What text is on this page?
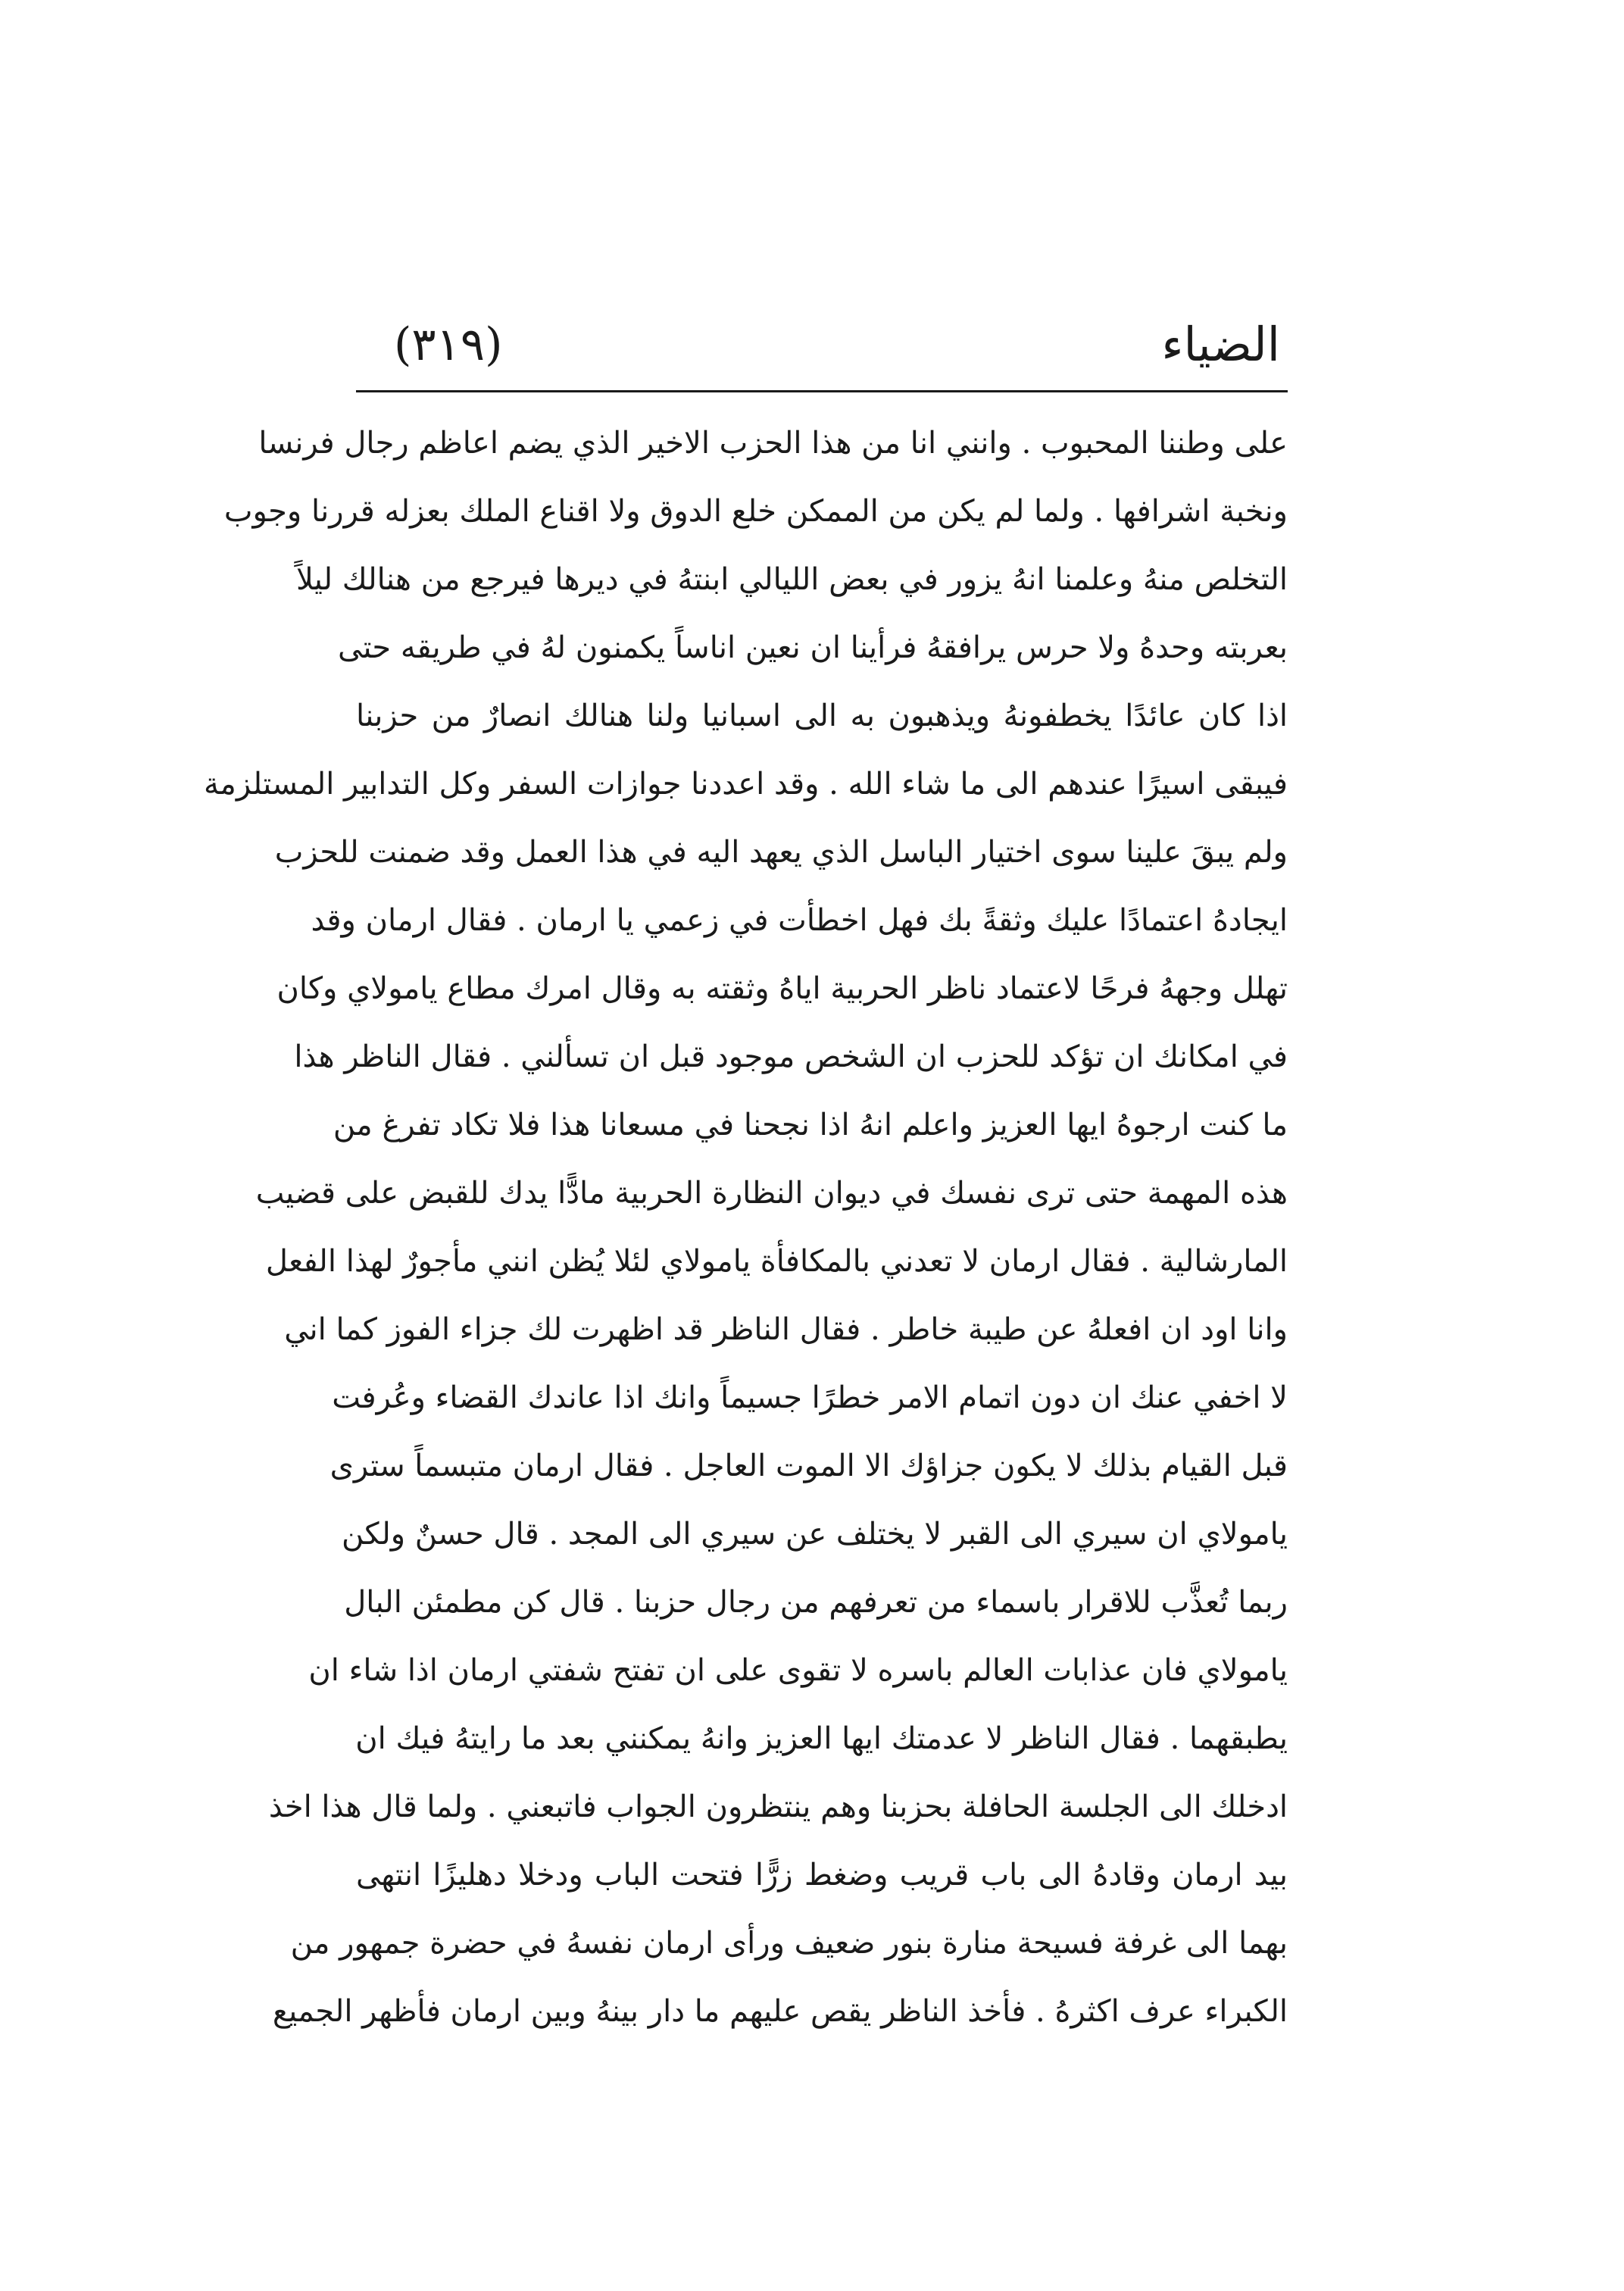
الضياء
(٣١٩)
على وطننا المحبوب . وانني انا من هذا الحزب الاخير الذي يضم اعاظم رجال فرنسا
ونخبة اشرافها . ولما لم يكن من الممكن خلع الدوق ولا اقناع الملك بعزله قررنا وجوب
التخلص منهُ وعلمنا انهُ يزور في بعض الليالي ابنتهُ في ديرها فيرجع من هنالك ليلاً
بعربته وحدهُ ولا حرس يرافقهُ فرأينا ان نعين اناساً يكمنون لهُ في طريقه حتى
اذا كان عائدًا يخطفونهُ ويذهبون به الى اسبانيا ولنا هنالك انصارٌ من حزبنا
فيبقى اسيرًا عندهم الى ما شاء الله . وقد اعددنا جوازات السفر وكل التدابير المستلزمة
ولم يبقَ علينا سوى اختيار الباسل الذي يعهد اليه في هذا العمل وقد ضمنت للحزب
ايجادهُ اعتمادًا عليك وثقةً بك فهل اخطأت في زعمي يا ارمان . فقال ارمان وقد
تهلل وجههُ فرحًا لاعتماد ناظر الحربية اياهُ وثقته به وقال امرك مطاع يامولاي وكان
في امكانك ان تؤكد للحزب ان الشخص موجود قبل ان تسألني . فقال الناظر هذا
ما كنت ارجوهُ ايها العزيز واعلم انهُ اذا نجحنا في مسعانا هذا فلا تكاد تفرغ من
هذه المهمة حتى ترى نفسك في ديوان النظارة الحربية مادًّا يدك للقبض على قضيب
المارشالية . فقال ارمان لا تعدني بالمكافأة يامولاي لئلا يُظن انني مأجورٌ لهذا الفعل
وانا اود ان افعلهُ عن طيبة خاطر . فقال الناظر قد اظهرت لك جزاء الفوز كما اني
لا اخفي عنك ان دون اتمام الامر خطرًا جسيماً وانك اذا عاندك القضاء وعُرفت
قبل القيام بذلك لا يكون جزاؤك الا الموت العاجل . فقال ارمان متبسماً سترى
يامولاي ان سيري الى القبر لا يختلف عن سيري الى المجد . قال حسنٌ ولكن
ربما تُعذَّب للاقرار باسماء من تعرفهم من رجال حزبنا . قال كن مطمئن البال
يامولاي فان عذابات العالم باسره لا تقوى على ان تفتح شفتي ارمان اذا شاء ان
يطبقهما . فقال الناظر لا عدمتك ايها العزيز وانهُ يمكنني بعد ما رايتهُ فيك ان
ادخلك الى الجلسة الحافلة بحزبنا وهم ينتظرون الجواب فاتبعني . ولما قال هذا اخذ
بيد ارمان وقادهُ الى باب قريب وضغط زرًّا فتحت الباب ودخلا دهليزًا انتهى
بهما الى غرفة فسيحة منارة بنور ضعيف ورأى ارمان نفسهُ في حضرة جمهور من
الكبراء عرف اكثرهُ . فأخذ الناظر يقص عليهم ما دار بينهُ وبين ارمان فأظهر الجميع
